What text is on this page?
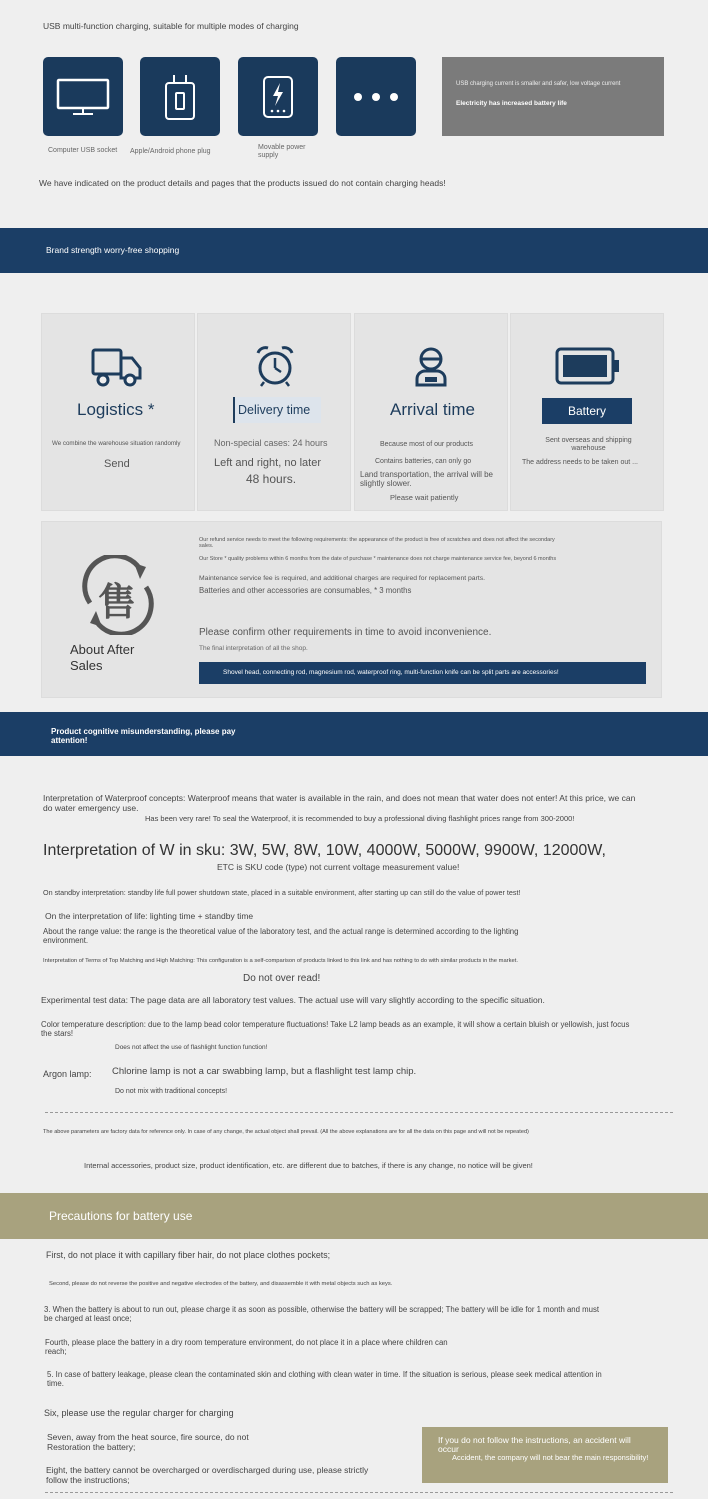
USB multi-function charging, suitable for multiple modes of charging
USB charging current is smaller and safer, low voltage current
Electricity has increased battery life
Computer USB socket	Apple/Android phone plug
Movable power supply
We have indicated on the product details and pages that the products issued do not contain charging heads!
Brand strength worry-free shopping
Logistics *
We combine the warehouse situation randomly
Send
Delivery time
Non-special cases: 24 hours
Left and right, no later
48 hours.
Arrival time
Because most of our products
Contains batteries, can only go
Land transportation, the arrival will be slightly slower.
Please wait patiently
Battery
Sent overseas and shipping warehouse
The address needs to be taken out ...
售
About After Sales
Our refund service needs to meet the following requirements: the appearance of the product is free of scratches and does not affect the secondary sales.
Our Store * quality problems within 6 months from the date of purchase * maintenance does not charge maintenance service fee, beyond 6 months
Maintenance service fee is required, and additional charges are required for replacement parts.
Batteries and other accessories are consumables, * 3 months
Please confirm other requirements in time to avoid inconvenience.
The final interpretation of all the shop.
Shovel head, connecting rod, magnesium rod, waterproof ring, multi-function knife can be split parts are accessories!
Product cognitive misunderstanding, please pay attention!
Interpretation of Waterproof concepts: Waterproof means that water is available in the rain, and does not mean that water does not enter! At this price, we can do water emergency use.
Has been very rare! To seal the Waterproof, it is recommended to buy a professional diving flashlight prices range from 300-2000!
Interpretation of W in sku: 3W, 5W, 8W, 10W, 4000W, 5000W, 9900W, 12000W,
ETC is SKU code (type) not current voltage measurement value!
On standby interpretation: standby life full power shutdown state, placed in a suitable environment, after starting up can still do the value of power test!
On the interpretation of life: lighting time + standby time
About the range value: the range is the theoretical value of the laboratory test, and the actual range is determined according to the lighting environment.
Interpretation of Terms of Top Matching and High Matching: This configuration is a self-comparison of products linked to this link and has nothing to do with similar products in the market.
Do not over read!
Experimental test data: The page data are all laboratory test values. The actual use will vary slightly according to the specific situation.
Color temperature description: due to the lamp bead color temperature fluctuations! Take L2 lamp beads as an example, it will show a certain bluish or yellowish, just focus the stars!
Does not affect the use of flashlight function function!
Argon lamp:	Chlorine lamp is not a car swabbing lamp, but a flashlight test lamp chip.
Do not mix with traditional concepts!
The above parameters are factory data for reference only. In case of any change, the actual object shall prevail. (All the above explanations are for all the data on this page and will not be repeated)
Internal accessories, product size, product identification, etc. are different due to batches, if there is any change, no notice will be given!
Precautions for battery use
First, do not place it with capillary fiber hair, do not place clothes pockets;
Second, please do not reverse the positive and negative electrodes of the battery, and disassemble it with metal objects such as keys.
3. When the battery is about to run out, please charge it as soon as possible, otherwise the battery will be scrapped; The battery will be idle for 1 month and must be charged at least once;
Fourth, please place the battery in a dry room temperature environment, do not place it in a place where children can reach;
5. In case of battery leakage, please clean the contaminated skin and clothing with clean water in time. If the situation is serious, please seek medical attention in time.
Six, please use the regular charger for charging
Seven, away from the heat source, fire source, do not Restoration the battery;
Eight, the battery cannot be overcharged or overdischarged during use, please strictly follow the instructions;
If you do not follow the instructions, an accident will occur
Accident, the company will not bear the main responsibility!
